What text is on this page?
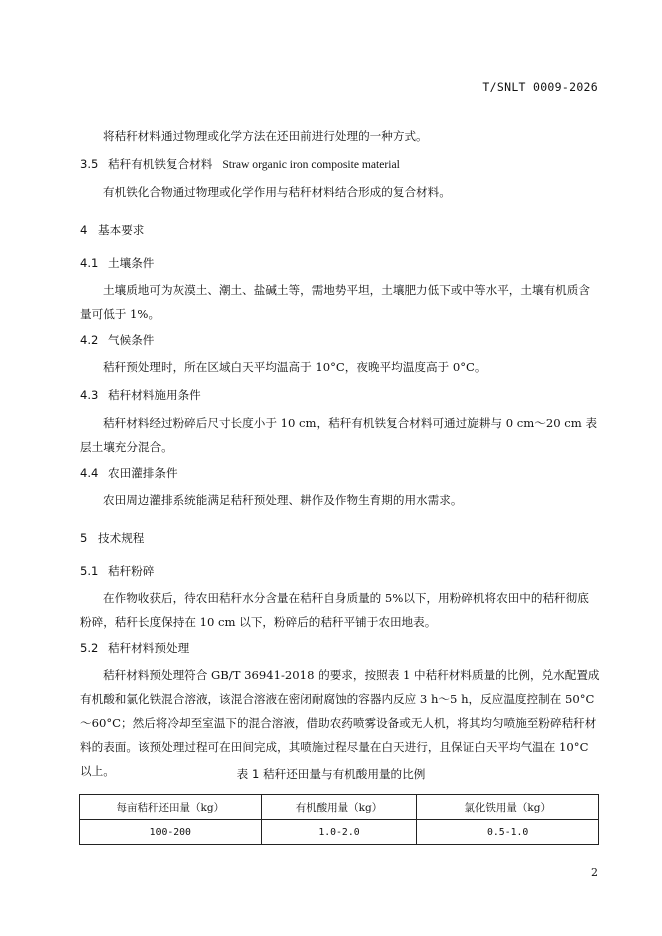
T/SNLT 0009-2026
将秸秆材料通过物理或化学方法在还田前进行处理的一种方式。
3.5 秸秆有机铁复合材料 Straw organic iron composite material
有机铁化合物通过物理或化学作用与秸秆材料结合形成的复合材料。
4 基本要求
4.1 土壤条件
土壤质地可为灰漠土、潮土、盐碱土等，需地势平坦，土壤肥力低下或中等水平，土壤有机质含量可低于 1%。
4.2 气候条件
秸秆预处理时，所在区域白天平均温高于 10°C，夜晚平均温度高于 0°C。
4.3 秸秆材料施用条件
秸秆材料经过粉碎后尺寸长度小于 10 cm，秸秆有机铁复合材料可通过旋耕与 0 cm～20 cm 表层土壤充分混合。
4.4 农田灌排条件
农田周边灌排系统能满足秸秆预处理、耕作及作物生育期的用水需求。
5 技术规程
5.1 秸秆粉碎
在作物收获后，待农田秸秆水分含量在秸秆自身质量的 5%以下，用粉碎机将农田中的秸秆彻底粉碎，秸秆长度保持在 10 cm 以下，粉碎后的秸秆平铺于农田地表。
5.2 秸秆材料预处理
秸秆材料预处理符合 GB/T 36941-2018 的要求，按照表 1 中秸秆材料质量的比例，兑水配置成有机酸和氯化铁混合溶液，该混合溶液在密闭耐腐蚀的容器内反应 3 h～5 h，反应温度控制在 50°C～60°C；然后将冷却至室温下的混合溶液，借助农药喷雾设备或无人机，将其均匀喷施至粉碎秸秆材料的表面。该预处理过程可在田间完成，其喷施过程尽量在白天进行，且保证白天平均气温在 10°C以上。	表 1 秸秆还田量与有机酸用量的比例
每亩秸秆还田量（kg）	有机酸用量（kg）	氯化铁用量（kg）
100-200	1.0-2.0	0.5-1.0
2
